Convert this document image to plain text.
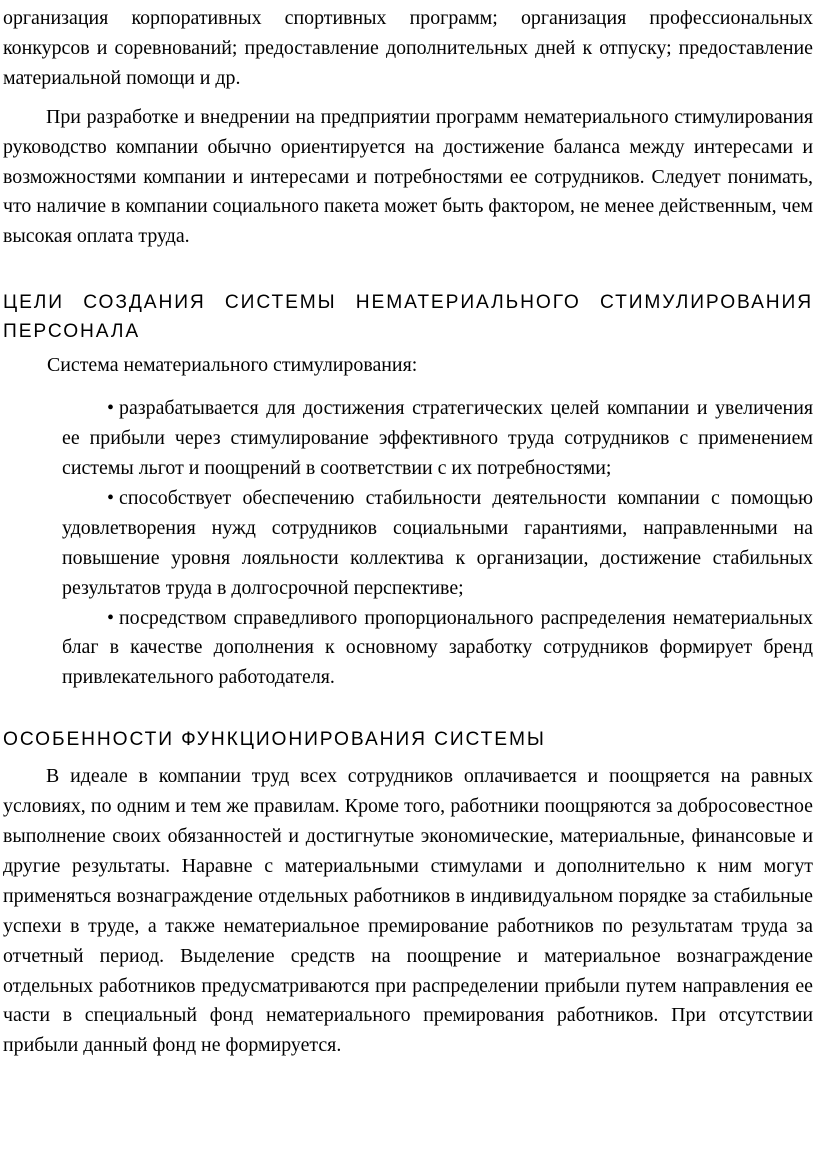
организация корпоративных спортивных программ; организация профессиональных конкурсов и соревнований; предоставление дополнительных дней к отпуску; предоставление материальной помощи и др.

При разработке и внедрении на предприятии программ нематериального стимулирования руководство компании обычно ориентируется на достижение баланса между интересами и возможностями компании и интересами и потребностями ее сотрудников. Следует понимать, что наличие в компании социального пакета может быть фактором, не менее действенным, чем высокая оплата труда.

ЦЕЛИ СОЗДАНИЯ СИСТЕМЫ НЕМАТЕРИАЛЬНОГО СТИМУЛИРОВАНИЯ ПЕРСОНАЛА

Система нематериального стимулирования:

• разрабатывается для достижения стратегических целей компании и увеличения ее прибыли через стимулирование эффективного труда сотрудников с применением системы льгот и поощрений в соответствии с их потребностями;

• способствует обеспечению стабильности деятельности компании с помощью удовлетворения нужд сотрудников социальными гарантиями, направленными на повышение уровня лояльности коллектива к организации, достижение стабильных результатов труда в долгосрочной перспективе;

• посредством справедливого пропорционального распределения нематериальных благ в качестве дополнения к основному заработку сотрудников формирует бренд привлекательного работодателя.

ОСОБЕННОСТИ ФУНКЦИОНИРОВАНИЯ СИСТЕМЫ

В идеале в компании труд всех сотрудников оплачивается и поощряется на равных условиях, по одним и тем же правилам. Кроме того, работники поощряются за добросовестное выполнение своих обязанностей и достигнутые экономические, материальные, финансовые и другие результаты. Наравне с материальными стимулами и дополнительно к ним могут применяться вознаграждение отдельных работников в индивидуальном порядке за стабильные успехи в труде, а также нематериальное премирование работников по результатам труда за отчетный период. Выделение средств на поощрение и материальное вознаграждение отдельных работников предусматриваются при распределении прибыли путем направления ее части в специальный фонд нематериального премирования работников. При отсутствии прибыли данный фонд не формируется.
